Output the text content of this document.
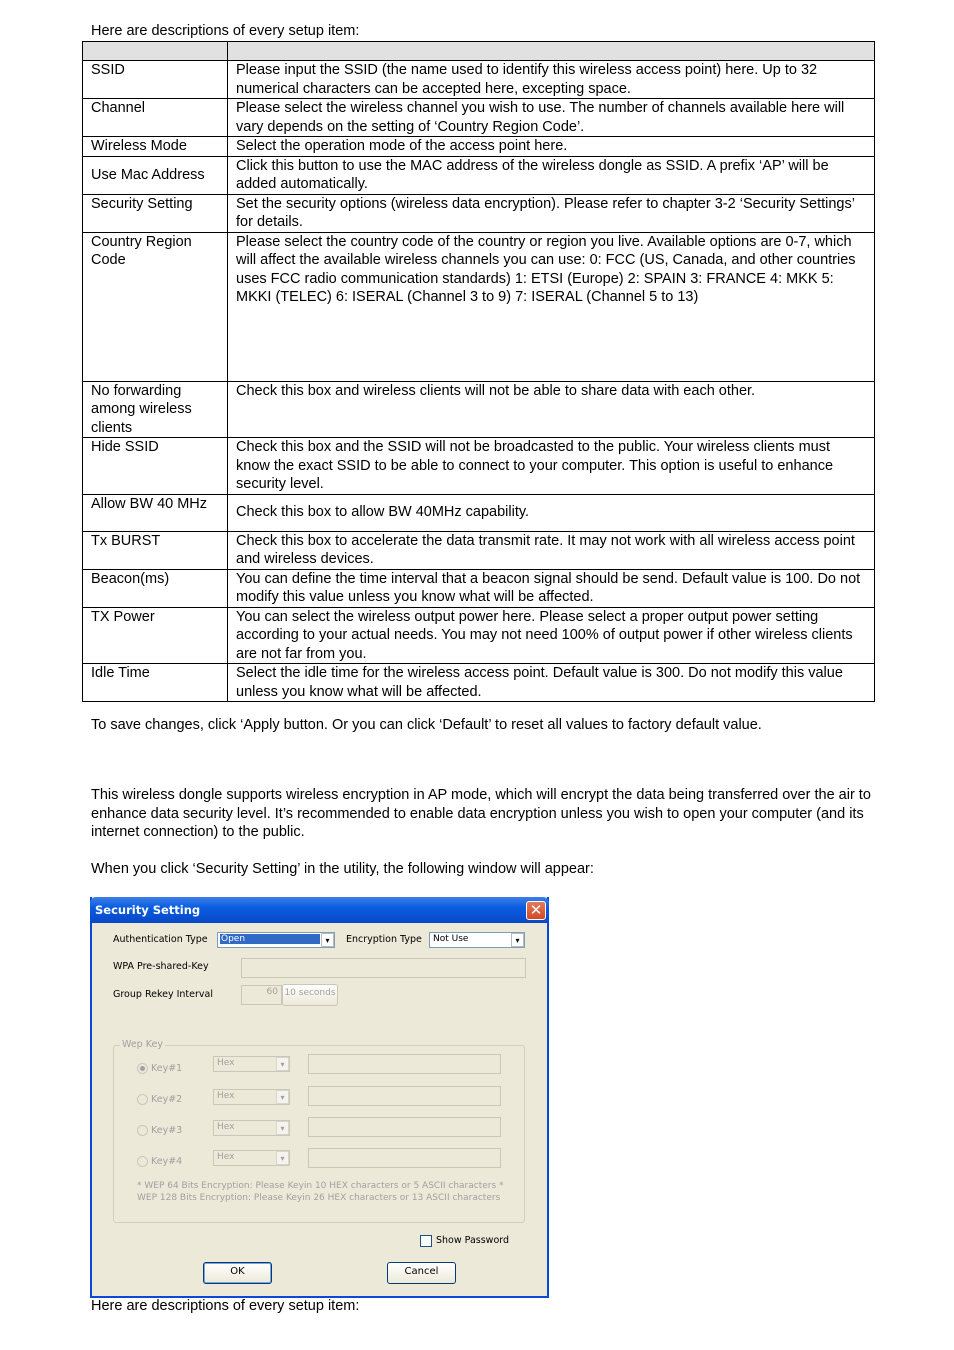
Here are descriptions of every setup item:

SSID	Please input the SSID (the name used to identify this wireless access point) here. Up to 32 numerical characters can be accepted here, excepting space.
Channel	Please select the wireless channel you wish to use. The number of channels available here will vary depends on the setting of ‘Country Region Code’.
Wireless Mode	Select the operation mode of the access point here.
Use Mac Address	Click this button to use the MAC address of the wireless dongle as SSID. A prefix ‘AP’ will be added automatically.
Security Setting	Set the security options (wireless data encryption). Please refer to chapter 3-2 ‘Security Settings’ for details.
Country Region Code	Please select the country code of the country or region you live. Available options are 0-7, which will affect the available wireless channels you can use: 0: FCC (US, Canada, and other countries uses FCC radio communication standards) 1: ETSI (Europe) 2: SPAIN 3: FRANCE 4: MKK 5: MKKI (TELEC) 6: ISERAL (Channel 3 to 9) 7: ISERAL (Channel 5 to 13)
No forwarding among wireless clients	Check this box and wireless clients will not be able to share data with each other.
Hide SSID	Check this box and the SSID will not be broadcasted to the public. Your wireless clients must know the exact SSID to be able to connect to your computer. This option is useful to enhance security level.
Allow BW 40 MHz	Check this box to allow BW 40MHz capability.
Tx BURST	Check this box to accelerate the data transmit rate. It may not work with all wireless access point and wireless devices.
Beacon(ms)	You can define the time interval that a beacon signal should be send. Default value is 100. Do not modify this value unless you know what will be affected.
TX Power	You can select the wireless output power here. Please select a proper output power setting according to your actual needs. You may not need 100% of output power if other wireless clients are not far from you.
Idle Time	Select the idle time for the wireless access point. Default value is 300. Do not modify this value unless you know what will be affected.

To save changes, click ‘Apply button. Or you can click ‘Default’ to reset all values to factory default value.

This wireless dongle supports wireless encryption in AP mode, which will encrypt the data being transferred over the air to enhance data security level. It’s recommended to enable data encryption unless you wish to open your computer (and its internet connection) to the public.

When you click ‘Security Setting’ in the utility, the following window will appear:

Security Setting	✕
Authentication Type Open	▾	Encryption Type Not Use	▾
WPA Pre-shared-Key
Group Rekey Interval	60 10 seconds
Wep Key
Key#1	Hex	▾
Key#2	Hex	▾
Key#3	Hex	▾
Key#4	Hex	▾
* WEP 64 Bits Encryption: Please Keyin 10 HEX characters or 5 ASCII characters *
WEP 128 Bits Encryption: Please Keyin 26 HEX characters or 13 ASCII characters
Show Password
OK	Cancel

Here are descriptions of every setup item:
